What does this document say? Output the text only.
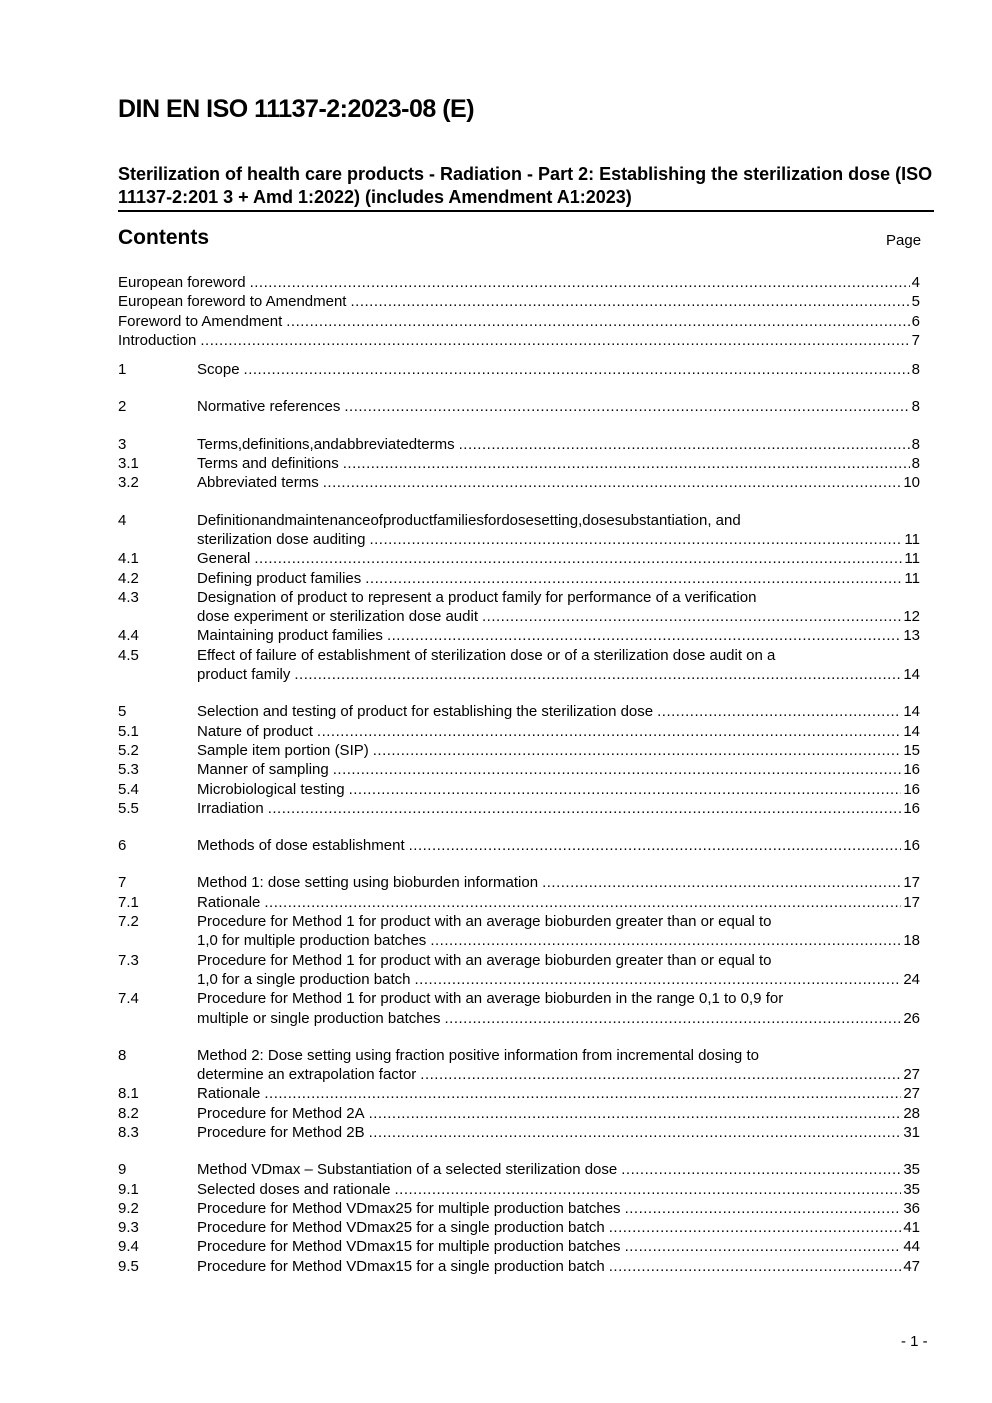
DIN EN ISO 11137-2:2023-08 (E)
Sterilization of health care products - Radiation - Part 2: Establishing the sterilization dose (ISO 11137-2:201 3 + Amd 1:2022) (includes Amendment A1:2023)
Contents	Page
European foreword .....	4
European foreword to Amendment .....	5
Foreword to Amendment .....	6
Introduction .....	7
1	Scope .....	8
2	Normative references .....	8
3	Terms,definitions,andabbreviatedterms .....	8
3.1	Terms and definitions .....	8
3.2	Abbreviated terms .....	10
4	Definitionandmaintenanceofproductfamiliesfordosesetting,dosesubstantiation, and
sterilization dose auditing .....	11
4.1	General .....	11
4.2	Defining product families .....	11
4.3	Designation of product to represent a product family for performance of a verification
dose experiment or sterilization dose audit .....	12
4.4	Maintaining product families .....	13
4.5	Effect of failure of establishment of sterilization dose or of a sterilization dose audit on a
product family .....	14
5	Selection and testing of product for establishing the sterilization dose .....	14
5.1	Nature of product .....	14
5.2	Sample item portion (SIP) .....	15
5.3	Manner of sampling .....	16
5.4	Microbiological testing .....	16
5.5	Irradiation .....	16
6	Methods of dose establishment .....	16
7	Method 1: dose setting using bioburden information .....	17
7.1	Rationale .....	17
7.2	Procedure for Method 1 for product with an average bioburden greater than or equal to
1,0 for multiple production batches .....	18
7.3	Procedure for Method 1 for product with an average bioburden greater than or equal to
1,0 for a single production batch .....	24
7.4	Procedure for Method 1 for product with an average bioburden in the range 0,1 to 0,9 for
multiple or single production batches .....	26
8	Method 2: Dose setting using fraction positive information from incremental dosing to
determine an extrapolation factor .....	27
8.1	Rationale .....	27
8.2	Procedure for Method 2A .....	28
8.3	Procedure for Method 2B .....	31
9	Method VDmax – Substantiation of a selected sterilization dose .....	35
9.1	Selected doses and rationale .....	35
9.2	Procedure for Method VDmax25 for multiple production batches .....	36
9.3	Procedure for Method VDmax25 for a single production batch .....	41
9.4	Procedure for Method VDmax15 for multiple production batches .....	44
9.5	Procedure for Method VDmax15 for a single production batch .....	47
- 1 -
